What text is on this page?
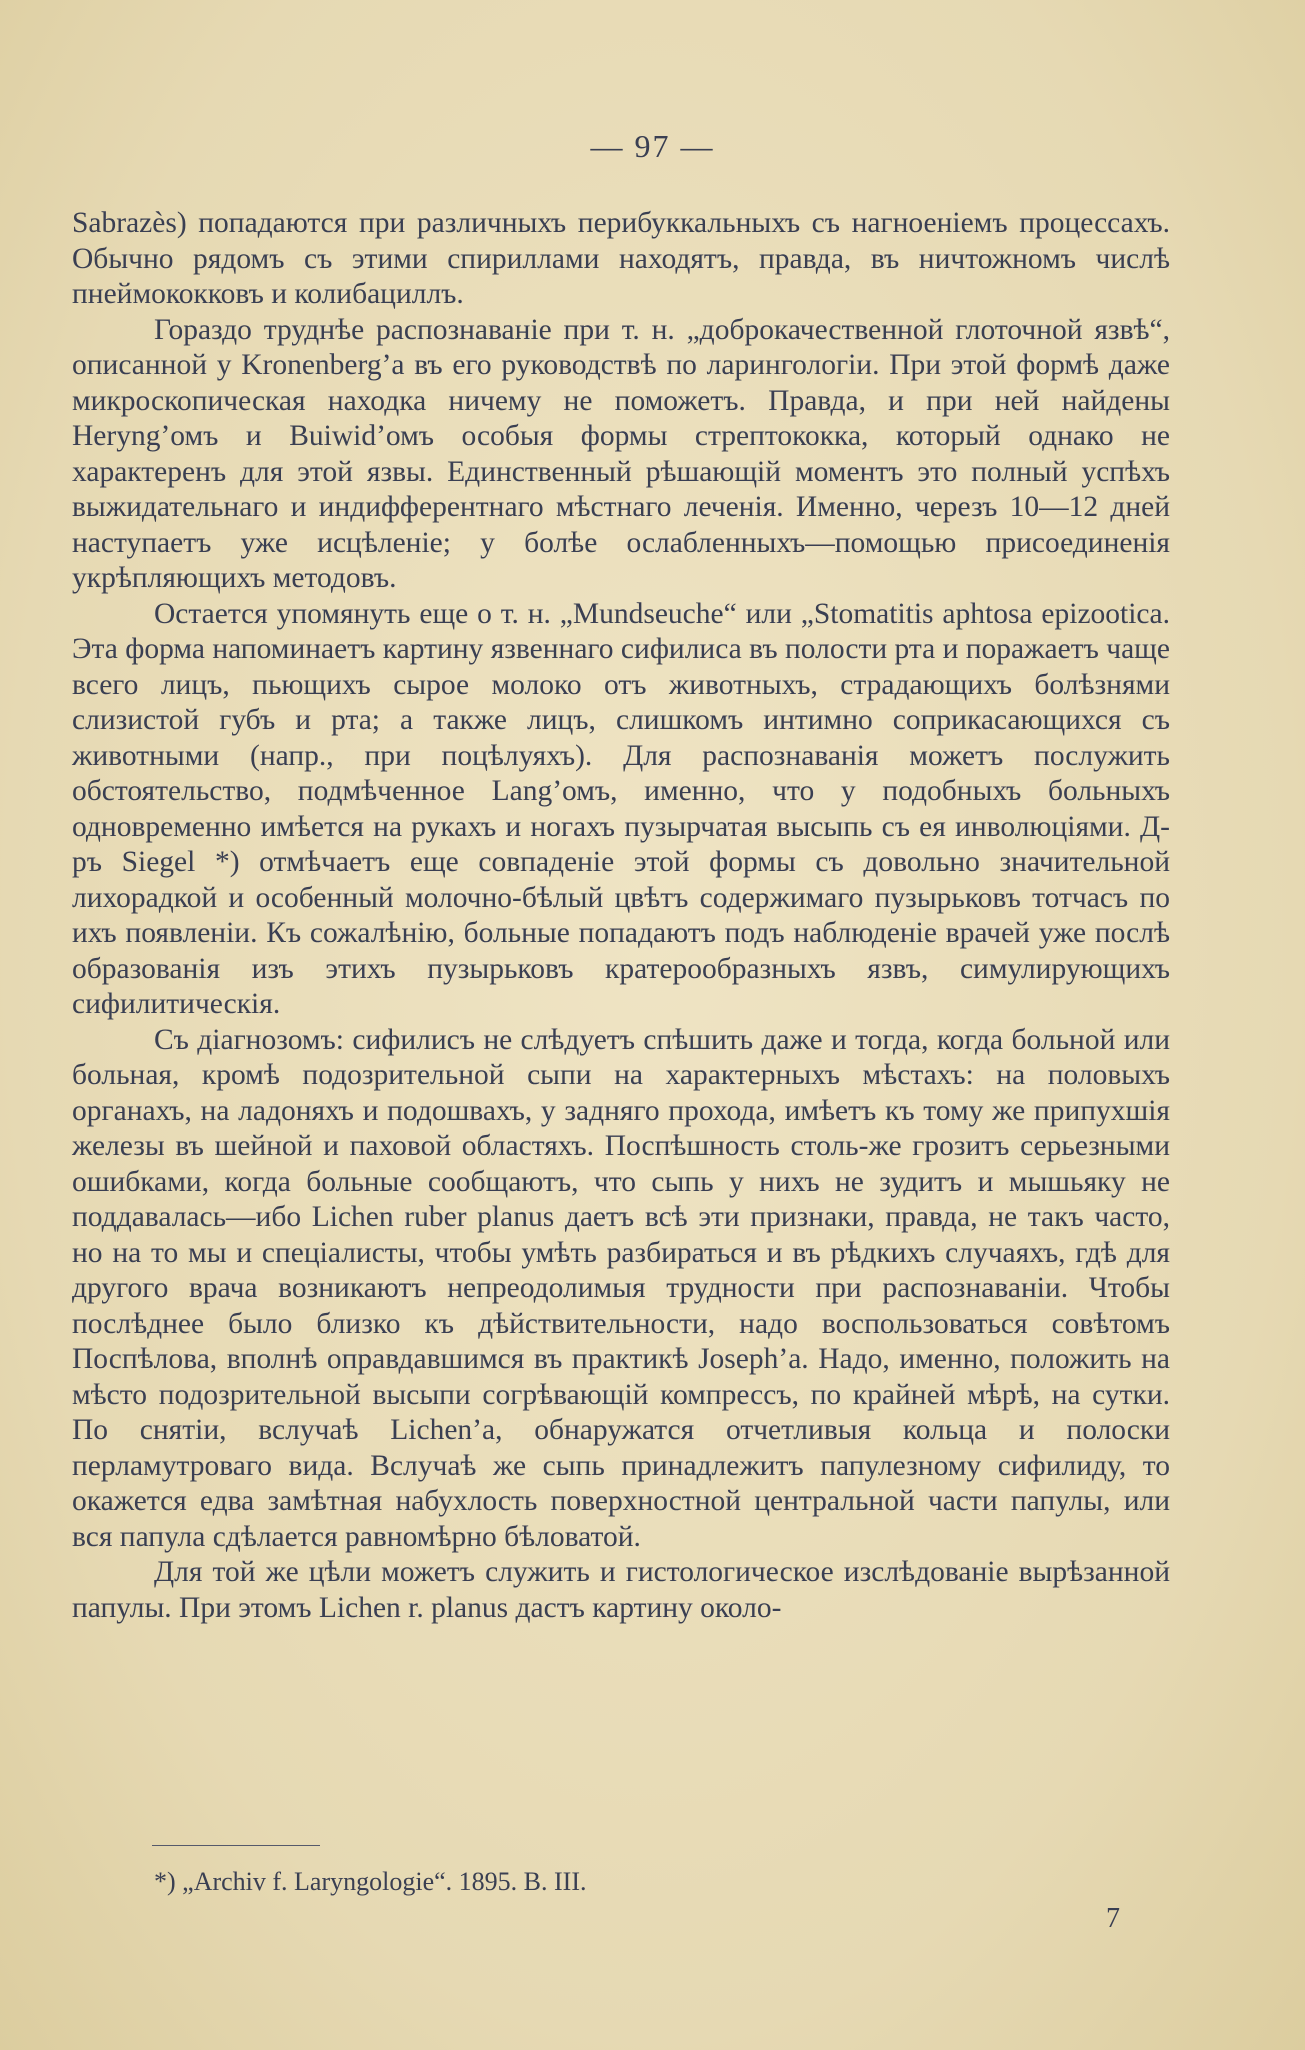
— 97 —

Sabrazès) попадаются при различныхъ перибуккальныхъ съ нагноеніемъ процессахъ. Обычно рядомъ съ этими спириллами находятъ, правда, въ ничтожномъ числѣ пнеймококковъ и колибациллъ.

Гораздо труднѣе распознаваніе при т. н. „доброкачественной глоточной язвѣ“, описанной у Kronenberg’а въ его руководствѣ по ларингологіи. При этой формѣ даже микроскопическая находка ничему не поможетъ. Правда, и при ней найдены Heryng’омъ и Buiwid’омъ особыя формы стрептококка, который однако не характеренъ для этой язвы. Единственный рѣшающій моментъ это полный успѣхъ выжидательнаго и индифферентнаго мѣстнаго леченія. Именно, черезъ 10—12 дней наступаетъ уже исцѣленіе; у болѣе ослабленныхъ—помощью присоединенія укрѣпляющихъ методовъ.

Остается упомянуть еще о т. н. „Mundseuche“ или „Stomatitis aphtosa epizootica. Эта форма напоминаетъ картину язвеннаго сифилиса въ полости рта и поражаетъ чаще всего лицъ, пьющихъ сырое молоко отъ животныхъ, страдающихъ болѣзнями слизистой губъ и рта; а также лицъ, слишкомъ интимно соприкасающихся съ животными (напр., при поцѣлуяхъ). Для распознаванія можетъ послужить обстоятельство, подмѣченное Lang’омъ, именно, что у подобныхъ больныхъ одновременно имѣется на рукахъ и ногахъ пузырчатая высыпь съ ея инволюціями. Д-ръ Siegel *) отмѣчаетъ еще совпаденіе этой формы съ довольно значительной лихорадкой и особенный молочно-бѣлый цвѣтъ содержимаго пузырьковъ тотчасъ по ихъ появленіи. Къ сожалѣнію, больные попадаютъ подъ наблюденіе врачей уже послѣ образованія изъ этихъ пузырьковъ кратерообразныхъ язвъ, симулирующихъ сифилитическія.

Съ діагнозомъ: сифилисъ не слѣдуетъ спѣшить даже и тогда, когда больной или больная, кромѣ подозрительной сыпи на характерныхъ мѣстахъ: на половыхъ органахъ, на ладоняхъ и подошвахъ, у задняго прохода, имѣетъ къ тому же припухшія железы въ шейной и паховой областяхъ. Поспѣшность столь-же грозитъ серьезными ошибками, когда больные сообщаютъ, что сыпь у нихъ не зудитъ и мышьяку не поддавалась—ибо Lichen ruber planus даетъ всѣ эти признаки, правда, не такъ часто, но на то мы и спеціалисты, чтобы умѣть разбираться и въ рѣдкихъ случаяхъ, гдѣ для другого врача возникаютъ непреодолимыя трудности при распознаваніи. Чтобы послѣднее было близко къ дѣйствительности, надо воспользоваться совѣтомъ Поспѣлова, вполнѣ оправдавшимся въ практикѣ Joseph’а. Надо, именно, положить на мѣсто подозрительной высыпи согрѣвающій компрессъ, по крайней мѣрѣ, на сутки. По снятіи, вслучаѣ Lichen’а, обнаружатся отчетливыя кольца и полоски перламутроваго вида. Вслучаѣ же сыпь принадлежитъ папулезному сифилиду, то окажется едва замѣтная набухлость поверхностной центральной части папулы, или вся папула сдѣлается равномѣрно бѣловатой.

Для той же цѣли можетъ служить и гистологическое изслѣдованіе вырѣзанной папулы. При этомъ Lichen r. planus дастъ картину около-

*) „Archiv f. Laryngologie“. 1895. B. III.
7
